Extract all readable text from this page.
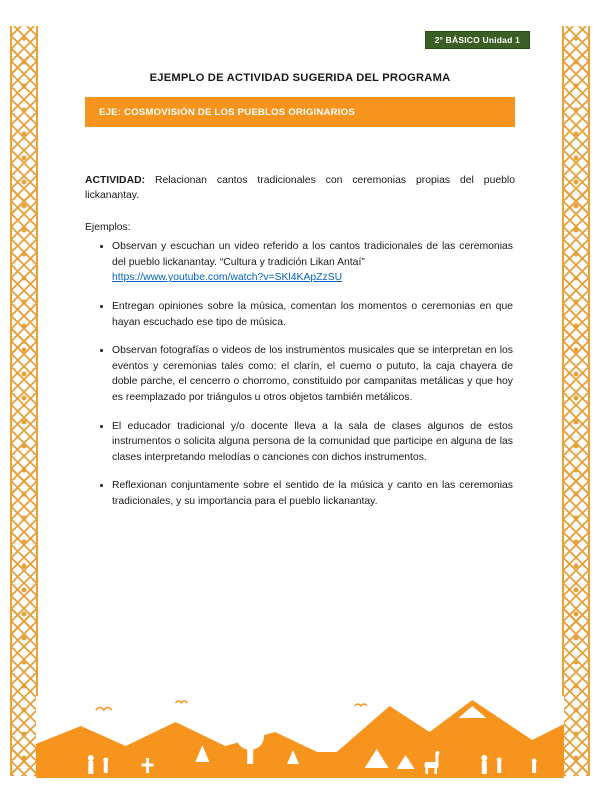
2° BÁSICO Unidad 1
EJEMPLO DE ACTIVIDAD SUGERIDA DEL PROGRAMA
EJE: COSMOVISIÓN DE LOS PUEBLOS ORIGINARIOS

ACTIVIDAD: Relacionan cantos tradicionales con ceremonias propias del pueblo lickanantay.

Ejemplos:

• Observan y escuchan un video referido a los cantos tradicionales de las ceremonias del pueblo lickanantay. “Cultura y tradición Likan Antaí”
https://www.youtube.com/watch?v=SKl4KApZzSU
• Entregan opiniones sobre la música, comentan los momentos o ceremonias en que hayan escuchado ese tipo de música.
• Observan fotografías o videos de los instrumentos musicales que se interpretan en los eventos y ceremonias tales como: el clarín, el cuerno o pututo, la caja chayera de doble parche, el cencerro o chorromo, constituido por campanitas metálicas y que hoy es reemplazado por triángulos u otros objetos también metálicos.
• El educador tradicional y/o docente lleva a la sala de clases algunos de estos instrumentos o solicita alguna persona de la comunidad que participe en alguna de las clases interpretando melodías o canciones con dichos instrumentos.
• Reflexionan conjuntamente sobre el sentido de la música y canto en las ceremonias tradicionales, y su importancia para el pueblo lickanantay.
